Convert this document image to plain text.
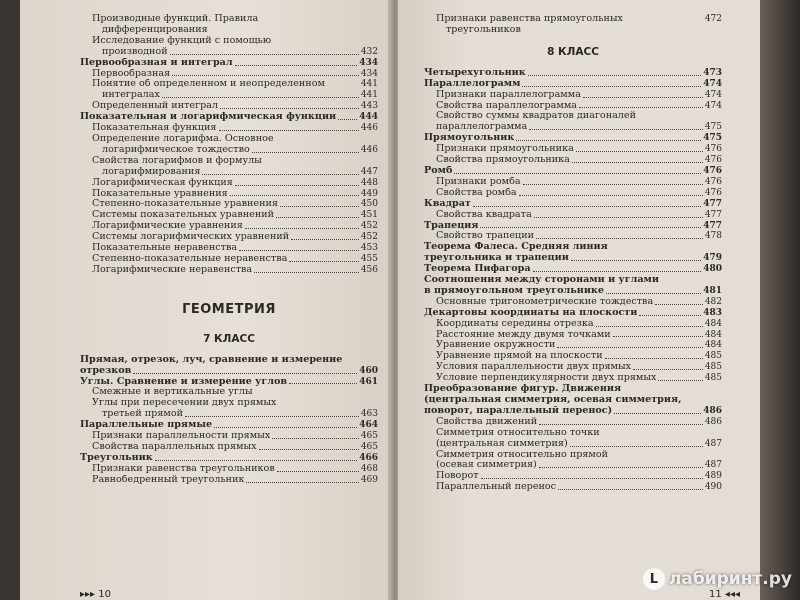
Производные функций. Правила
дифференцирования
Исследование функций с помощью
производной	432
Первообразная и интеграл	434
Первообразная	434
Понятие об определенном и неопределенном	441
интегралах	441
Определенный интеграл	443
Показательная и логарифмическая функции	444
Показательная функция	446
Определение логарифма. Основное
логарифмическое тождество	446
Свойства логарифмов и формулы
логарифмирования	447
Логарифмическая функция	448
Показательные уравнения	449
Степенно-показательные уравнения	450
Системы показательных уравнений	451
Логарифмические уравнения	452
Системы логарифмических уравнений	452
Показательные неравенства	453
Степенно-показательные неравенства	455
Логарифмические неравенства	456
ГЕОМЕТРИЯ
7 КЛАСС
Прямая, отрезок, луч, сравнение и измерение
отрезков	460
Углы. Сравнение и измерение углов	461
Смежные и вертикальные углы
Углы при пересечении двух прямых
третьей прямой	463
Параллельные прямые	464
Признаки параллельности прямых	465
Свойства параллельных прямых	465
Треугольник	466
Признаки равенства треугольников	468
Равнобедренный треугольник	469
▸▸▸ 10
Признаки равенства прямоугольных	472
треугольников
8 КЛАСС
Четырехугольник	473
Параллелограмм	474
Признаки параллелограмма	474
Свойства параллелограмма	474
Свойство суммы квадратов диагоналей
параллелограмма	475
Прямоугольник	475
Признаки прямоугольника	476
Свойства прямоугольника	476
Ромб	476
Признаки ромба	476
Свойства ромба	476
Квадрат	477
Свойства квадрата	477
Трапеция	477
Свойство трапеции	478
Теорема Фалеса. Средняя линия
треугольника и трапеции	479
Теорема Пифагора	480
Соотношения между сторонами и углами
в прямоугольном треугольнике	481
Основные тригонометрические тождества	482
Декартовы координаты на плоскости	483
Координаты середины отрезка	484
Расстояние между двумя точками	484
Уравнение окружности	484
Уравнение прямой на плоскости	485
Условия параллельности двух прямых	485
Условие перпендикулярности двух прямых	485
Преобразование фигур. Движения
(центральная симметрия, осевая симметрия,
поворот, параллельный перенос)	486
Свойства движений	486
Симметрия относительно точки
(центральная симметрия)	487
Симметрия относительно прямой
(осевая симметрия)	487
Поворот	489
Параллельный перенос	490
11 ◂◂◂
L лабиринт.ру
